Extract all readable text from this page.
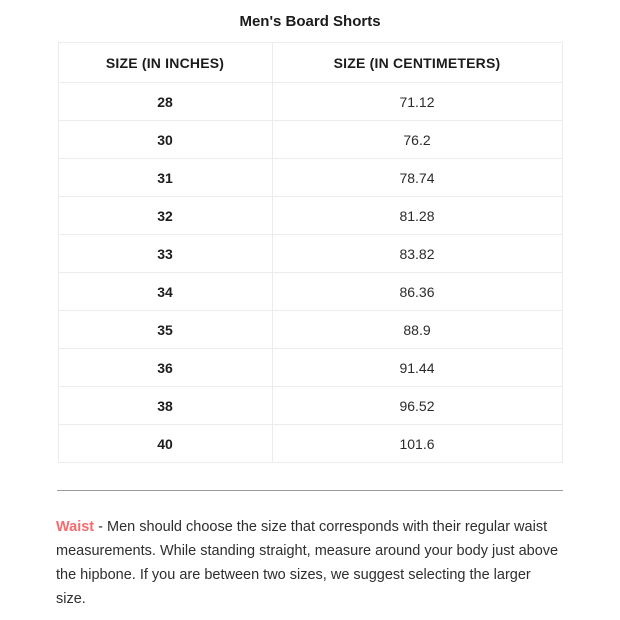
Men's Board Shorts
SIZE (IN INCHES)	SIZE (IN CENTIMETERS)
28	71.12
30	76.2
31	78.74
32	81.28
33	83.82
34	86.36
35	88.9
36	91.44
38	96.52
40	101.6

Waist - Men should choose the size that corresponds with their regular waist measurements. While standing straight, measure around your body just above the hipbone. If you are between two sizes, we suggest selecting the larger size.
